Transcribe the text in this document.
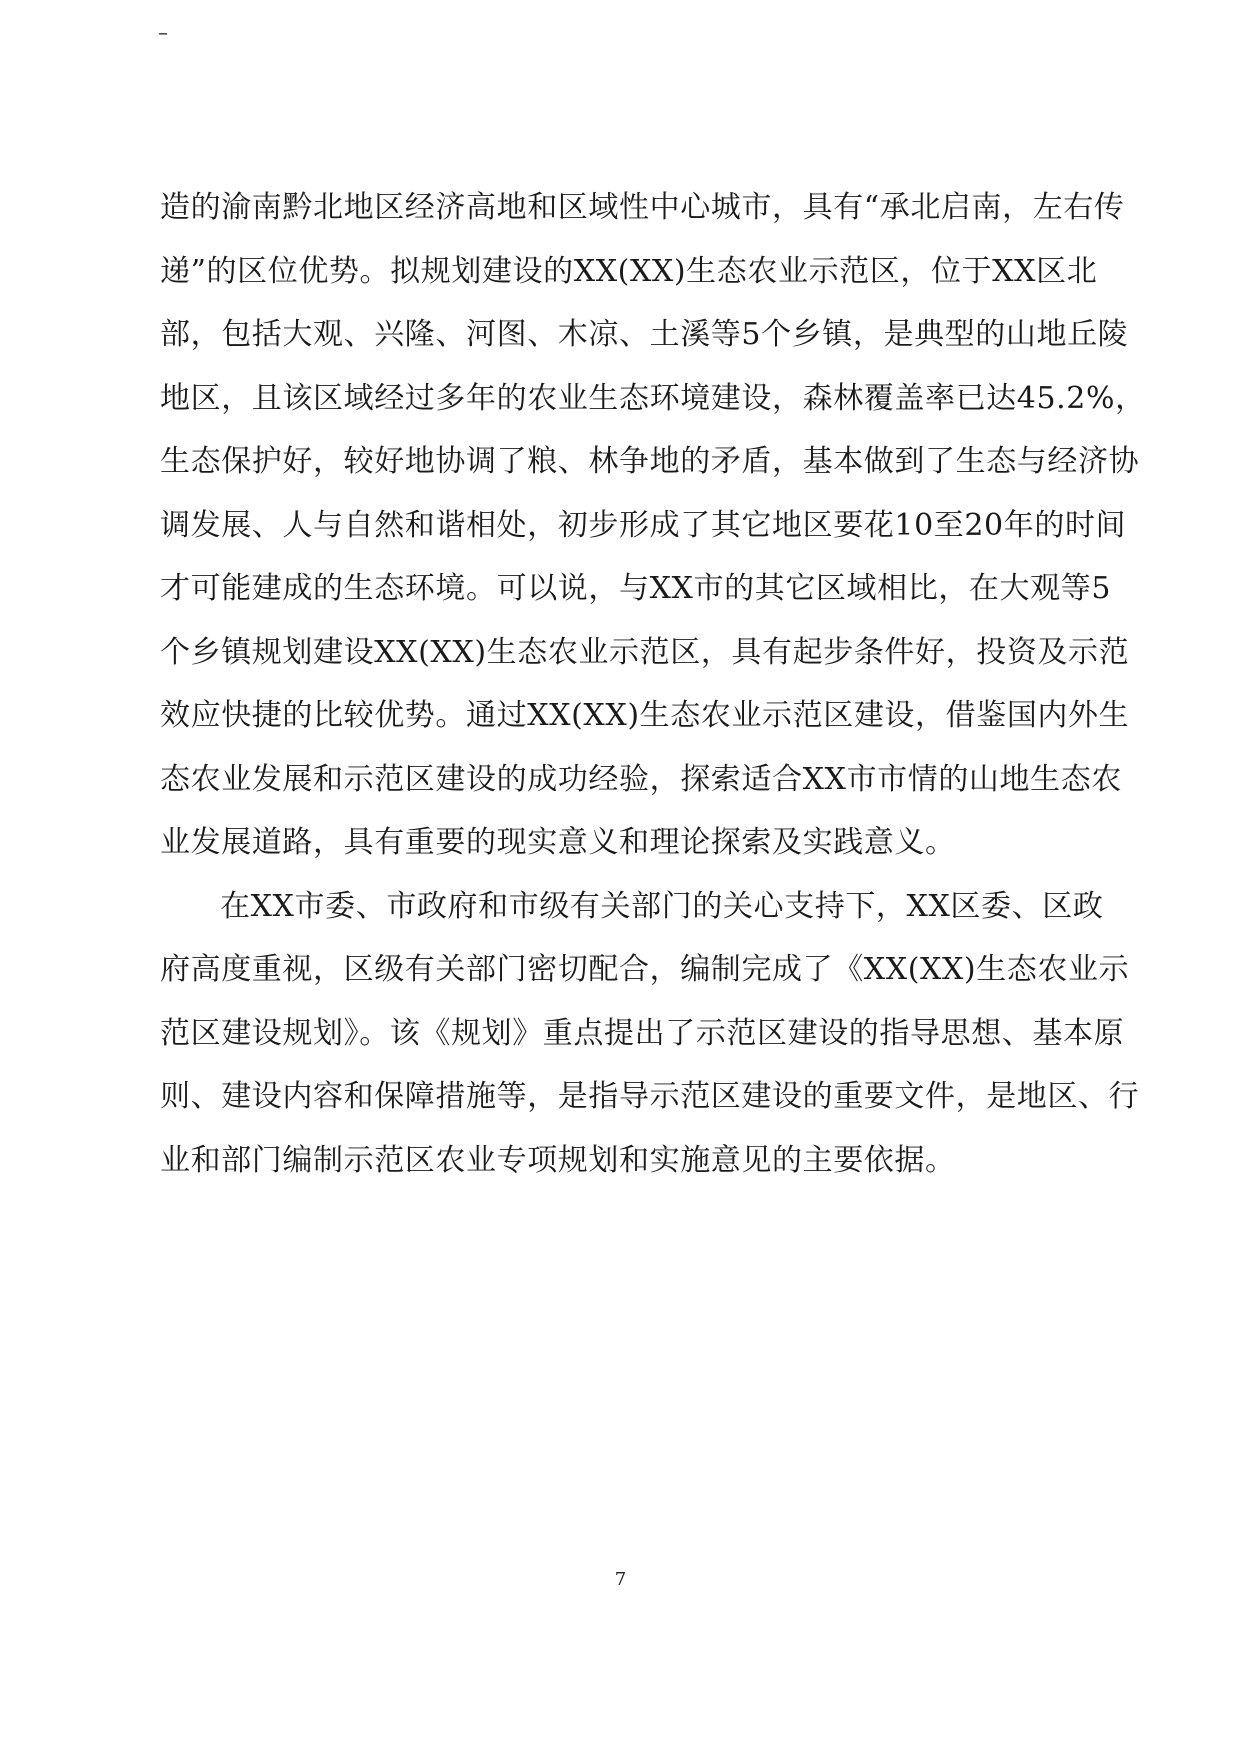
–
造的渝南黔北地区经济高地和区域性中心城市，具有“承北启南，左右传
递”的区位优势。拟规划建设的XX(XX)生态农业示范区，位于XX区北
部，包括大观、兴隆、河图、木凉、土溪等5个乡镇，是典型的山地丘陵
地区，且该区域经过多年的农业生态环境建设，森林覆盖率已达45.2%，
生态保护好，较好地协调了粮、林争地的矛盾，基本做到了生态与经济协
调发展、人与自然和谐相处，初步形成了其它地区要花10至20年的时间
才可能建成的生态环境。可以说，与XX市的其它区域相比，在大观等5
个乡镇规划建设XX(XX)生态农业示范区，具有起步条件好，投资及示范
效应快捷的比较优势。通过XX(XX)生态农业示范区建设，借鉴国内外生
态农业发展和示范区建设的成功经验，探索适合XX市市情的山地生态农
业发展道路，具有重要的现实意义和理论探索及实践意义。
在XX市委、市政府和市级有关部门的关心支持下，XX区委、区政
府高度重视，区级有关部门密切配合，编制完成了《XX(XX)生态农业示
范区建设规划》。该《规划》重点提出了示范区建设的指导思想、基本原
则、建设内容和保障措施等，是指导示范区建设的重要文件，是地区、行
业和部门编制示范区农业专项规划和实施意见的主要依据。
7
